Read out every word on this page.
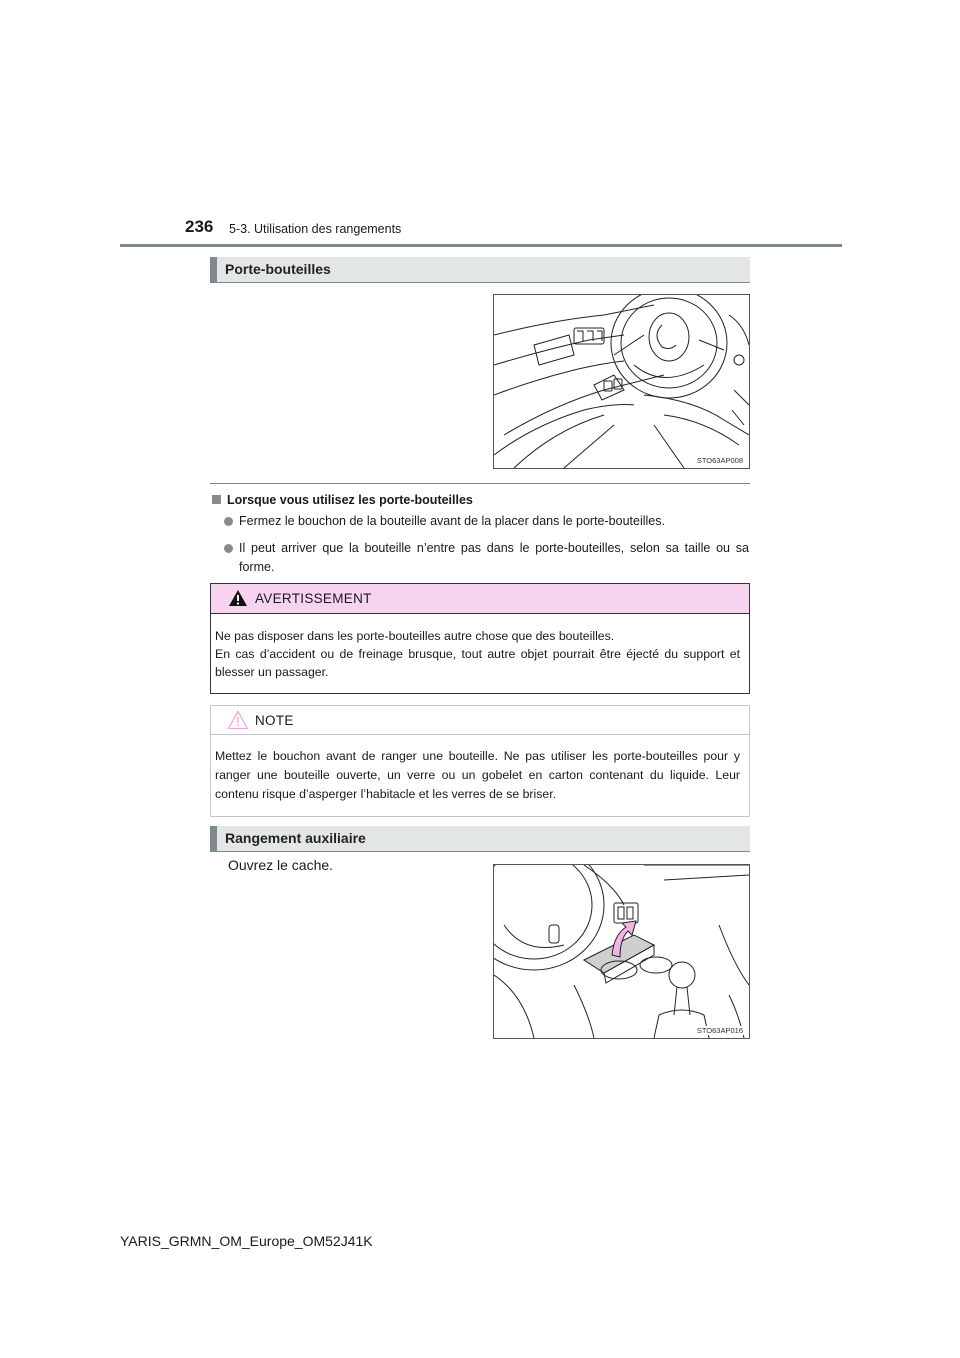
236 5-3. Utilisation des rangements
Porte-bouteilles
STO63AP008
Lorsque vous utilisez les porte-bouteilles
Fermez le bouchon de la bouteille avant de la placer dans le porte-bouteilles.
Il peut arriver que la bouteille n’entre pas dans le porte-bouteilles, selon sa taille ou sa forme.
AVERTISSEMENT
Ne pas disposer dans les porte-bouteilles autre chose que des bouteilles.
En cas d’accident ou de freinage brusque, tout autre objet pourrait être éjecté du support et blesser un passager.
NOTE
Mettez le bouchon avant de ranger une bouteille. Ne pas utiliser les porte-bouteilles pour y ranger une bouteille ouverte, un verre ou un gobelet en carton contenant du liquide. Leur contenu risque d’asperger l’habitacle et les verres de se briser.
Rangement auxiliaire
Ouvrez le cache.
STO63AP016
YARIS_GRMN_OM_Europe_OM52J41K
